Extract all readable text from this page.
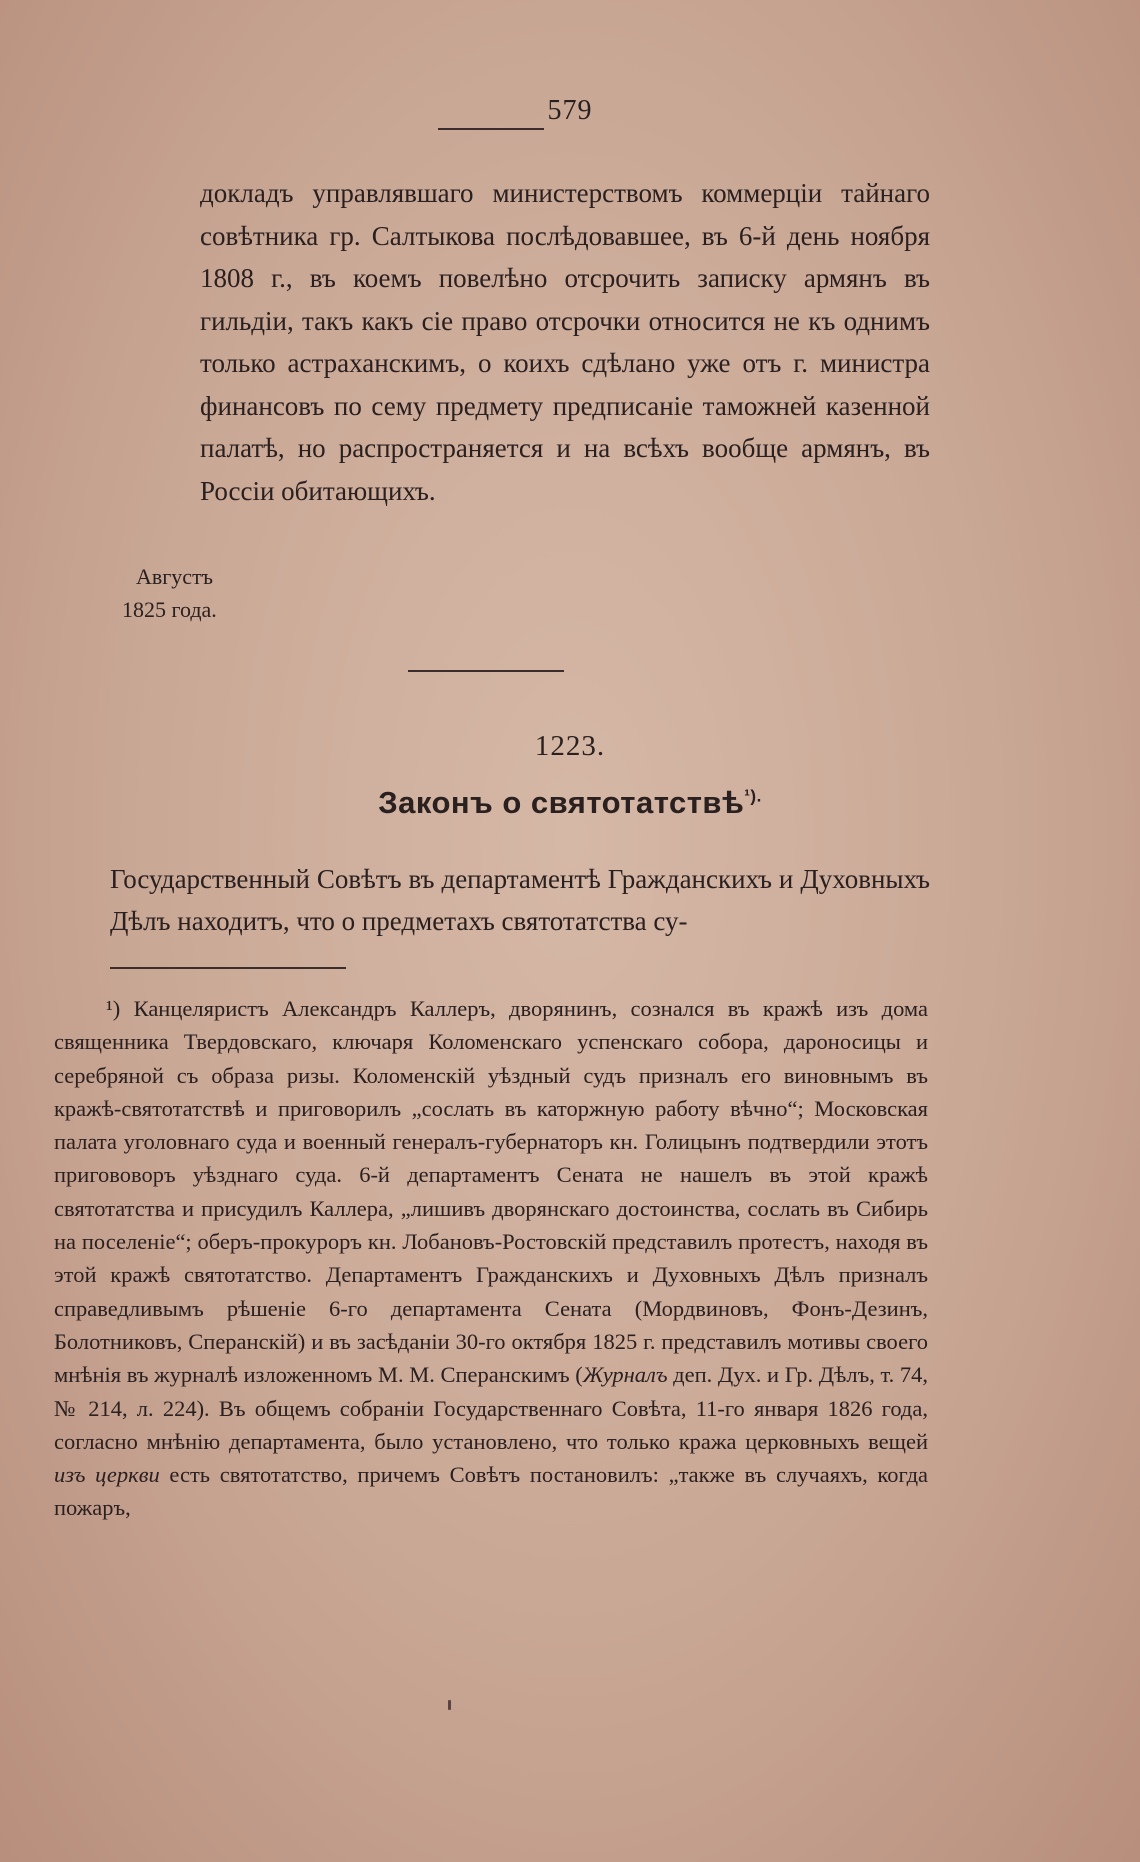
579
докладъ управлявшаго министерствомъ коммерціи тайнаго совѣтника гр. Салтыкова послѣдовавшее, въ 6-й день ноября 1808 г., въ коемъ повелѣно отсрочить записку армянъ въ гильдіи, такъ какъ сіе право отсрочки относится не къ однимъ только астраханскимъ, о коихъ сдѣлано уже отъ г. министра финансовъ по сему предмету предписаніе таможней казенной палатѣ, но распространяется и на всѣхъ вообще армянъ, въ Россіи обитающихъ.
Августъ
1825 года.
1223.
Законъ о святотатствѣ$^{^1).}$
Государственный Совѣтъ въ департаментѣ Гражданскихъ и Духовныхъ Дѣлъ находитъ, что о предметахъ святотатства су-
¹) Канцеляристъ Александръ Каллеръ, дворянинъ, сознался въ кражѣ изъ дома священника Твердовскаго, ключаря Коломенскаго успенскаго собора, дароносицы и серебряной съ образа ризы. Коломенскій уѣздный судъ призналъ его виновнымъ въ кражѣ-святотатствѣ и приговорилъ „сослать въ каторжную работу вѣчно“; Московская палата уголовнаго суда и военный генералъ-губернаторъ кн. Голицынъ подтвердили этотъ пригововоръ уѣзднаго суда. 6-й департаментъ Сената не нашелъ въ этой кражѣ святотатства и присудилъ Каллера, „лишивъ дворянскаго достоинства, сослать въ Сибирь на поселеніе“; оберъ-прокуроръ кн. Лобановъ-Ростовскій представилъ протестъ, находя въ этой кражѣ святотатство. Департаментъ Гражданскихъ и Духовныхъ Дѣлъ призналъ справедливымъ рѣшеніе 6-го департамента Сената (Мордвиновъ, Фонъ-Дезинъ, Болотниковъ, Сперанскій) и въ засѣданіи 30-го октября 1825 г. представилъ мотивы своего мнѣнія въ журналѣ изложенномъ М. М. Сперанскимъ (Журналъ деп. Дух. и Гр. Дѣлъ, т. 74, № 214, л. 224). Въ общемъ собраніи Государственнаго Совѣта, 11-го января 1826 года, согласно мнѣнію департамента, было установлено, что только кража церковныхъ вещей изъ церкви есть святотатство, причемъ Совѣтъ постановилъ: „также въ случаяхъ, когда пожаръ,
